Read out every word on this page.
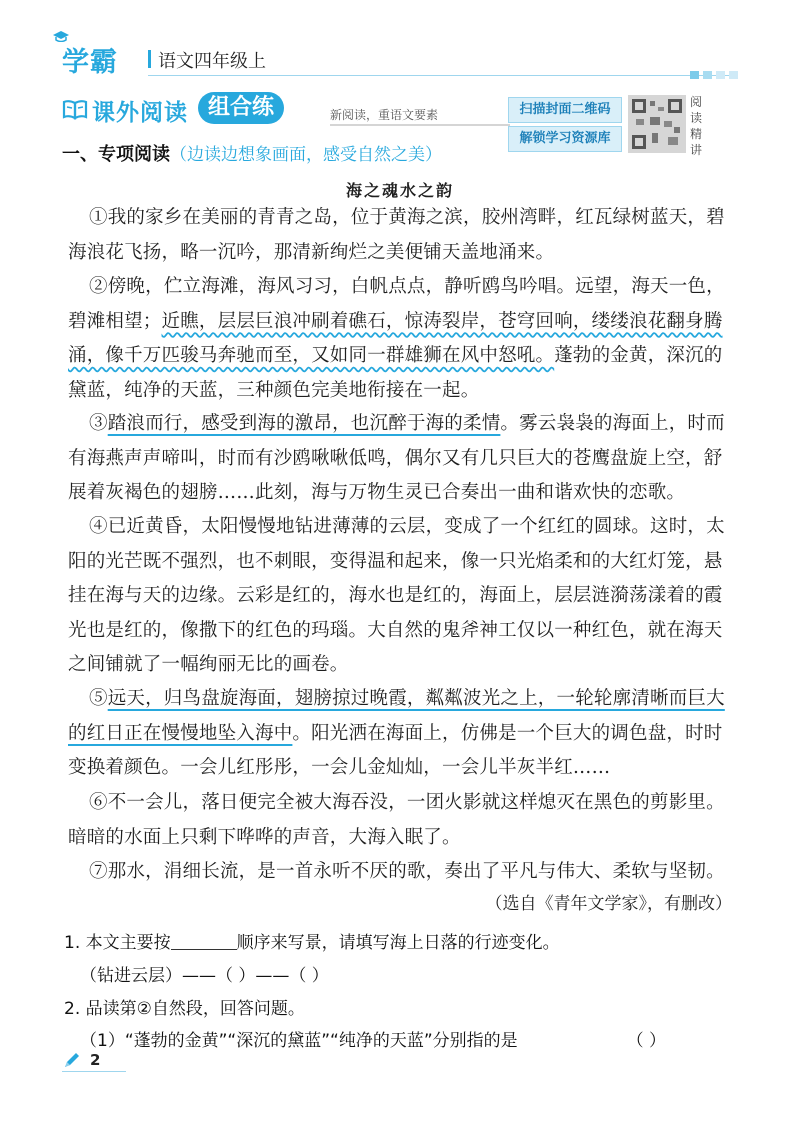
学霸 语文四年级上
课外阅读 组合练	新阅读，重语文要素	扫描封面二维码
解锁学习资源库
阅读精讲
一、专项阅读（边读边想象画面，感受自然之美）
海之魂水之韵
①我的家乡在美丽的青青之岛，位于黄海之滨，胶州湾畔，红瓦绿树蓝天，碧海浪花飞扬，略一沉吟，那清新绚烂之美便铺天盖地涌来。
②傍晚，伫立海滩，海风习习，白帆点点，静听鸥鸟吟唱。远望，海天一色，碧滩相望；近瞧，层层巨浪冲刷着礁石，惊涛裂岸，苍穹回响，缕缕浪花翻身腾涌，像千万匹骏马奔驰而至，又如同一群雄狮在风中怒吼。蓬勃的金黄，深沉的黛蓝，纯净的天蓝，三种颜色完美地衔接在一起。
③踏浪而行，感受到海的激昂，也沉醉于海的柔情。雾云袅袅的海面上，时而有海燕声声啼叫，时而有沙鸥啾啾低鸣，偶尔又有几只巨大的苍鹰盘旋上空，舒展着灰褐色的翅膀……此刻，海与万物生灵已合奏出一曲和谐欢快的恋歌。
④已近黄昏，太阳慢慢地钻进薄薄的云层，变成了一个红红的圆球。这时，太阳的光芒既不强烈，也不刺眼，变得温和起来，像一只光焰柔和的大红灯笼，悬挂在海与天的边缘。云彩是红的，海水也是红的，海面上，层层涟漪荡漾着的霞光也是红的，像撒下的红色的玛瑙。大自然的鬼斧神工仅以一种红色，就在海天之间铺就了一幅绚丽无比的画卷。
⑤远天，归鸟盘旋海面，翅膀掠过晚霞，粼粼波光之上，一轮轮廓清晰而巨大的红日正在慢慢地坠入海中。阳光洒在海面上，仿佛是一个巨大的调色盘，时时变换着颜色。一会儿红彤彤，一会儿金灿灿，一会儿半灰半红……
⑥不一会儿，落日便完全被大海吞没，一团火影就这样熄灭在黑色的剪影里。暗暗的水面上只剩下哗哗的声音，大海入眠了。
⑦那水，涓细长流，是一首永听不厌的歌，奏出了平凡与伟大、柔软与坚韧。
（选自《青年文学家》，有删改）
1. 本文主要按	顺序来写景，请填写海上日落的行迹变化。
（钻进云层）——（ ）——（ ）
2. 品读第②自然段，回答问题。
（1）“蓬勃的金黄”“深沉的黛蓝”“纯净的天蓝”分别指的是	（ ）
2
